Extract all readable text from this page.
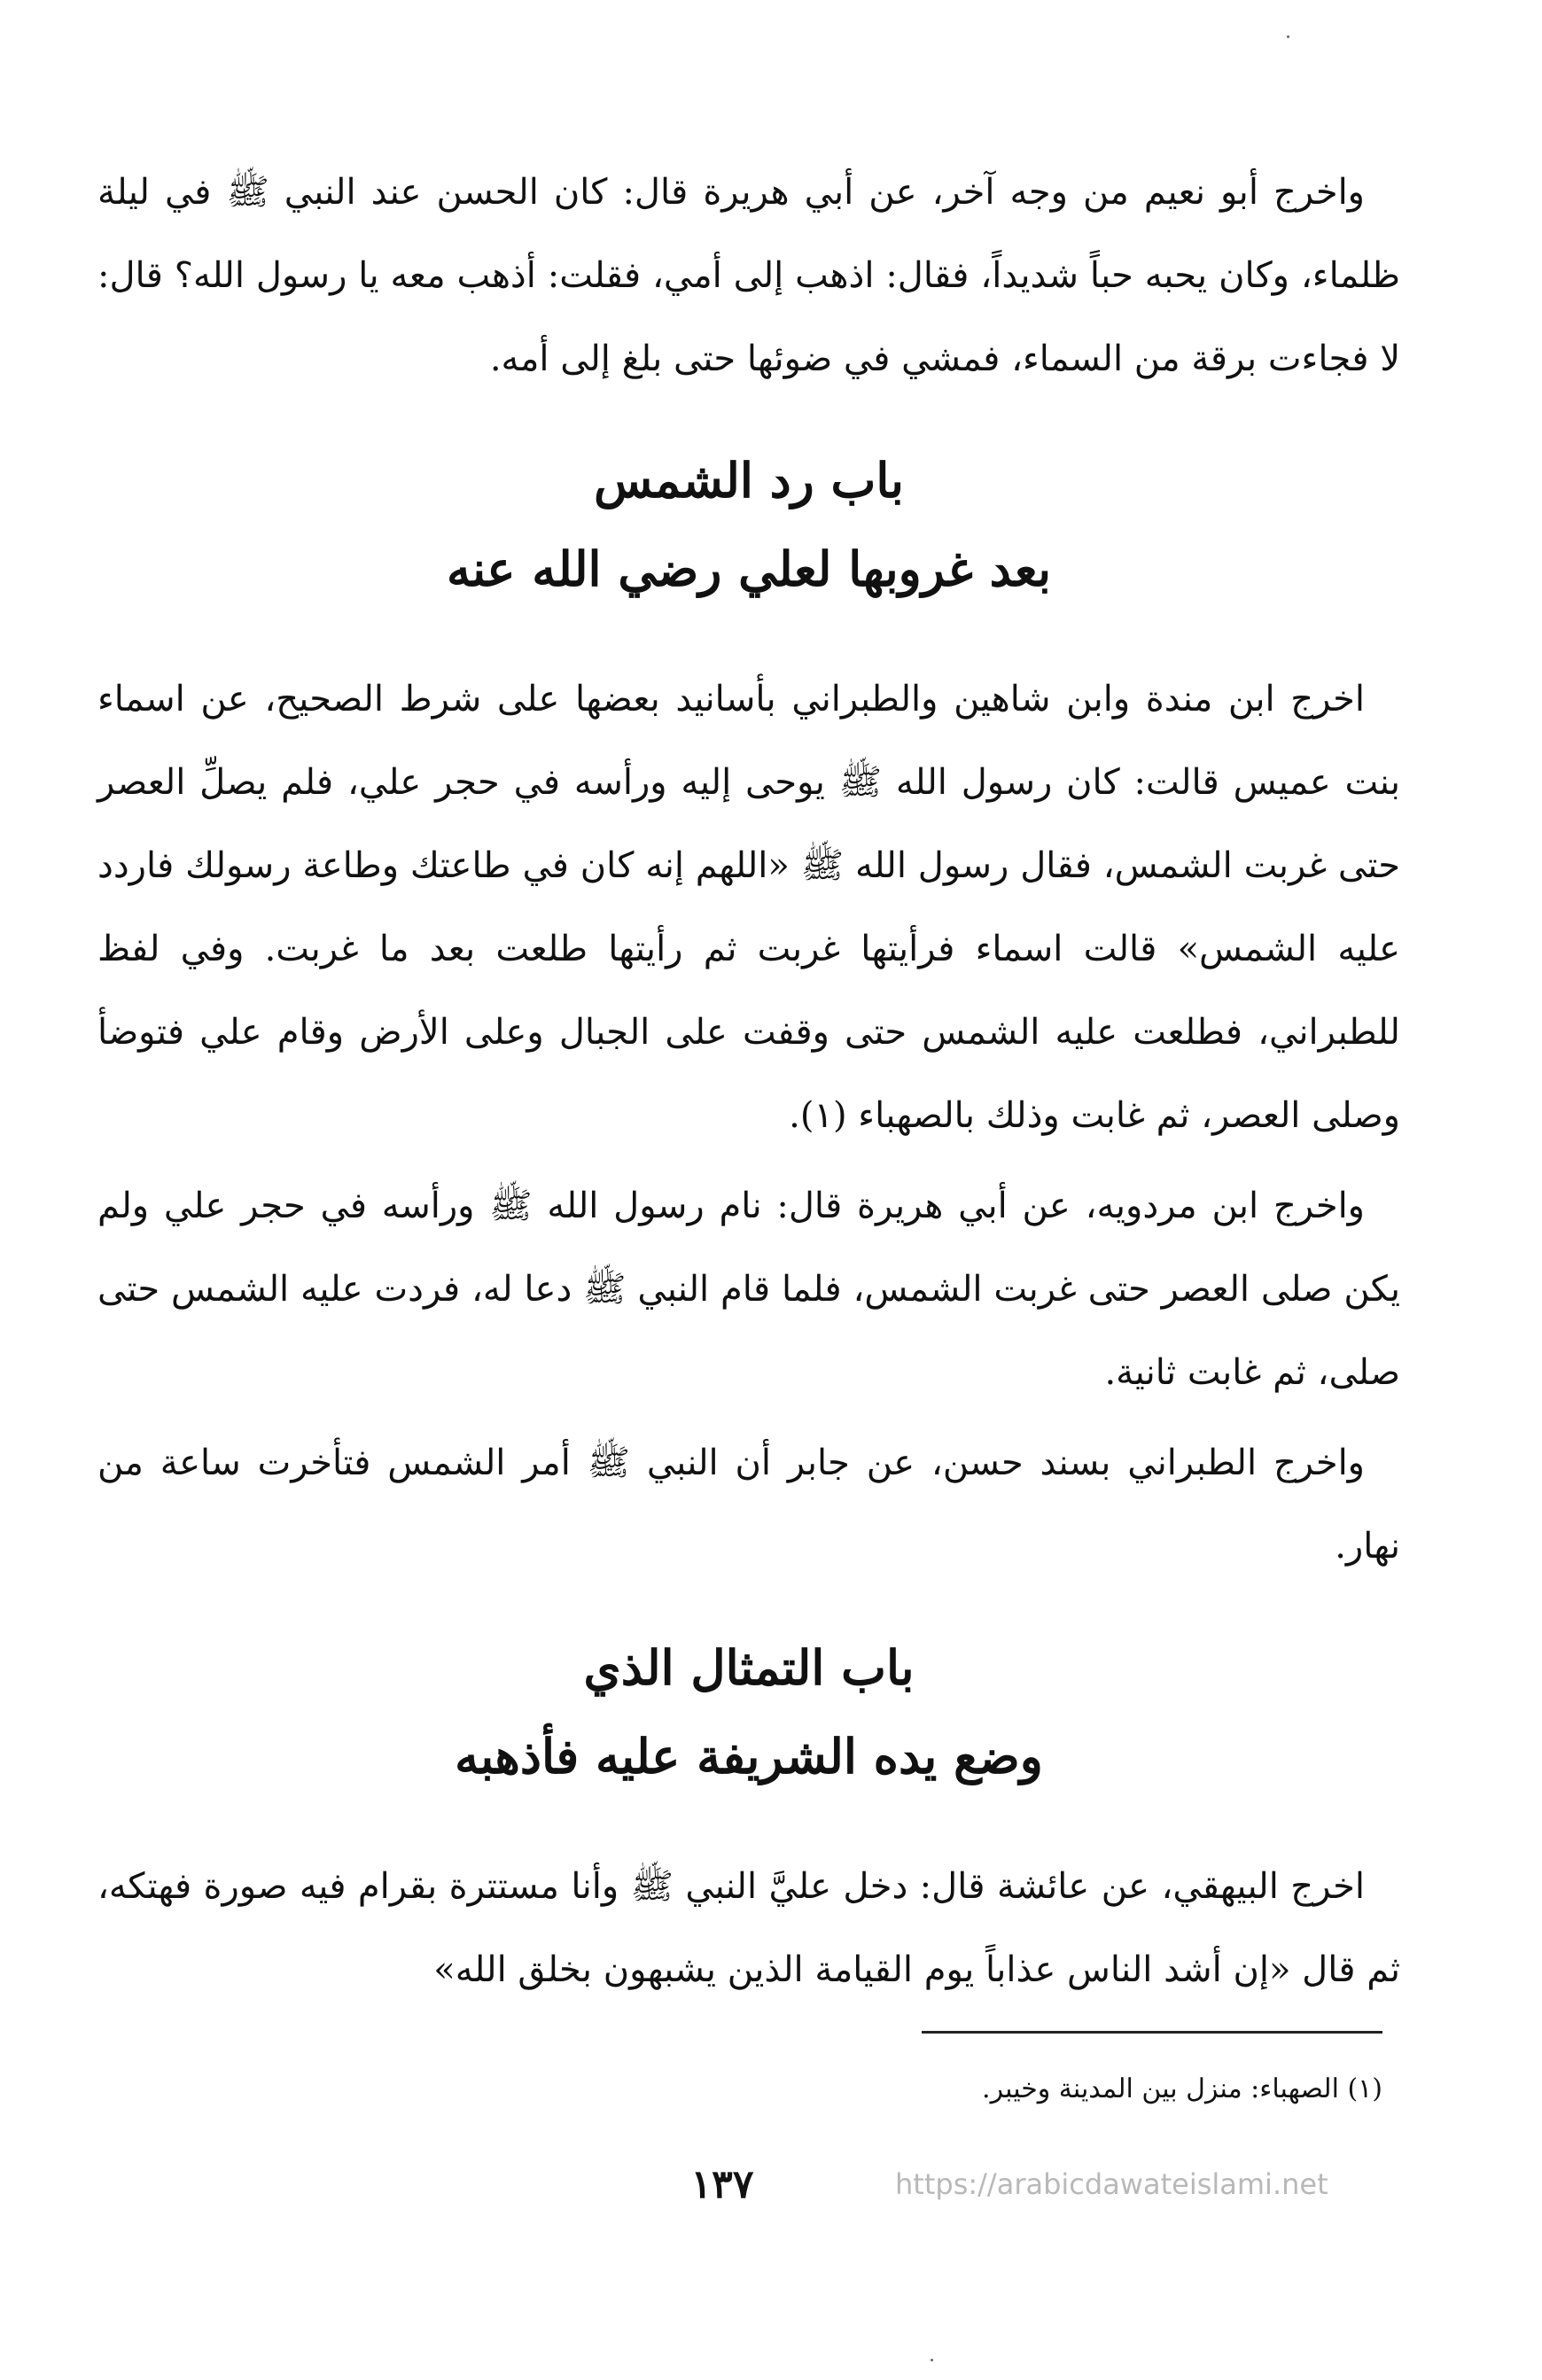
واخرج أبو نعيم من وجه آخر، عن أبي هريرة قال: كان الحسن عند النبي ﷺ في ليلة ظلماء، وكان يحبه حباً شديداً، فقال: اذهب إلى أمي، فقلت: أذهب معه يا رسول الله؟ قال: لا فجاءت برقة من السماء، فمشي في ضوئها حتى بلغ إلى أمه.

باب رد الشمس

بعد غروبها لعلي رضي الله عنه

اخرج ابن مندة وابن شاهين والطبراني بأسانيد بعضها على شرط الصحيح، عن اسماء بنت عميس قالت: كان رسول الله ﷺ يوحى إليه ورأسه في حجر علي، فلم يصلِّ العصر حتى غربت الشمس، فقال رسول الله ﷺ «اللهم إنه كان في طاعتك وطاعة رسولك فاردد عليه الشمس» قالت اسماء فرأيتها غربت ثم رأيتها طلعت بعد ما غربت. وفي لفظ للطبراني، فطلعت عليه الشمس حتى وقفت على الجبال وعلى الأرض وقام علي فتوضأ وصلى العصر، ثم غابت وذلك بالصهباء (١).

واخرج ابن مردويه، عن أبي هريرة قال: نام رسول الله ﷺ ورأسه في حجر علي ولم يكن صلى العصر حتى غربت الشمس، فلما قام النبي ﷺ دعا له، فردت عليه الشمس حتى صلى، ثم غابت ثانية.

واخرج الطبراني بسند حسن، عن جابر أن النبي ﷺ أمر الشمس فتأخرت ساعة من نهار.

باب التمثال الذي

وضع يده الشريفة عليه فأذهبه

اخرج البيهقي، عن عائشة قال: دخل عليَّ النبي ﷺ وأنا مستترة بقرام فيه صورة فهتكه، ثم قال «إن أشد الناس عذاباً يوم القيامة الذين يشبهون بخلق الله»

(١) الصهباء: منزل بين المدينة وخيبر.
١٣٧	https://arabicdawateislami.net
